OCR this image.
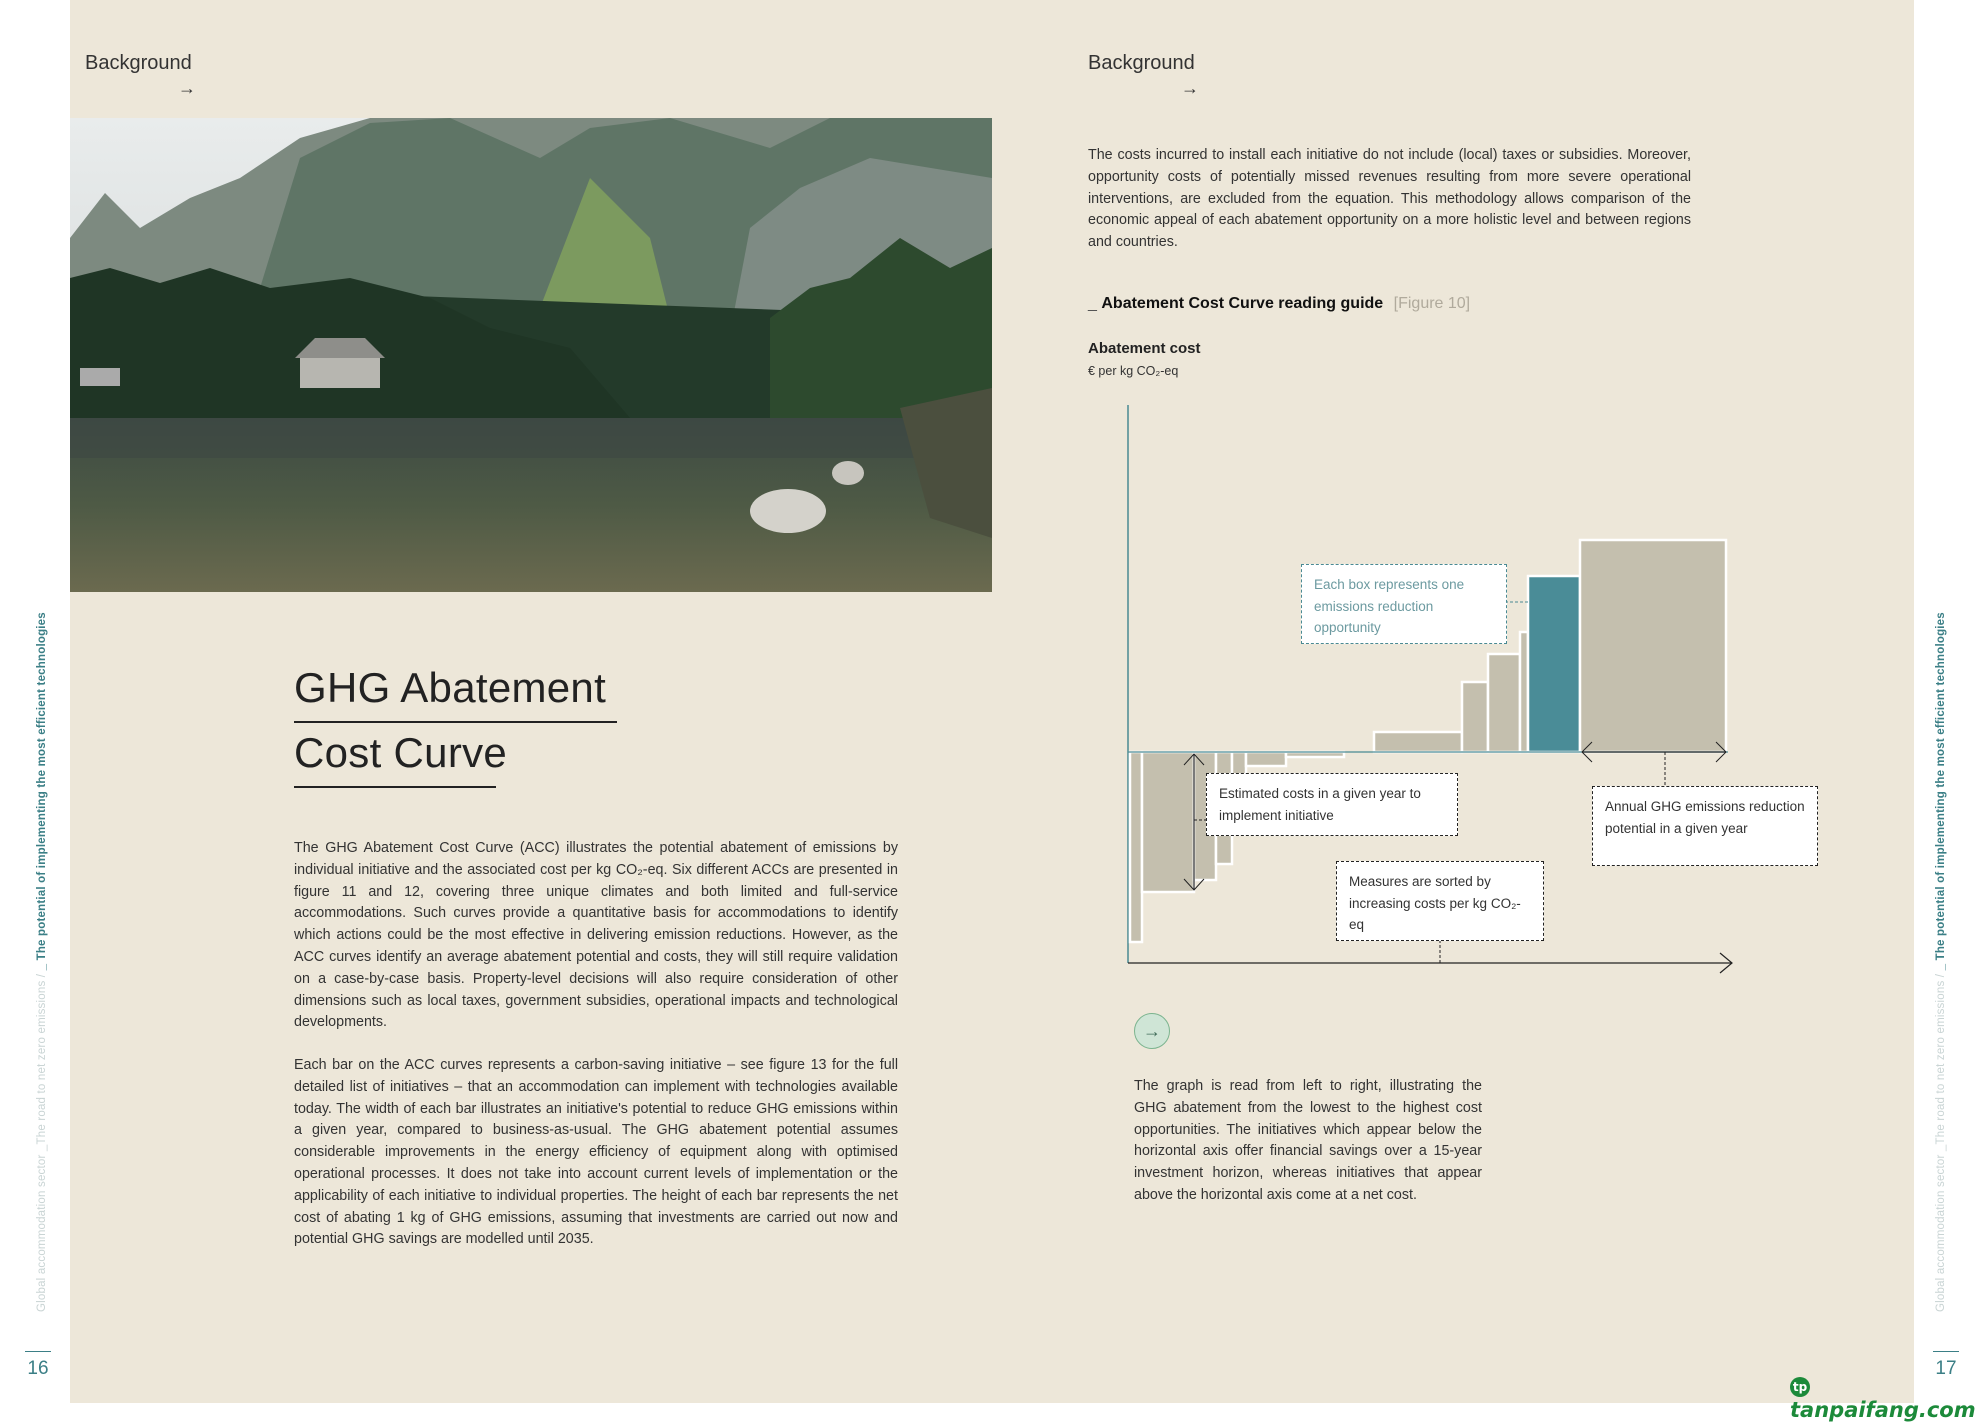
Global accommodation sector _The road to net zero emissions / _ The potential of implementing the most efficient technologies
16
Global accommodation sector _The road to net zero emissions / _ The potential of implementing the most efficient technologies
17
Background
→
GHG Abatement
Cost Curve
The GHG Abatement Cost Curve (ACC) illustrates the potential abatement of emissions by individual initiative and the associated cost per kg CO₂-eq. Six different ACCs are presented in figure 11 and 12, covering three unique climates and both limited and full-service accommodations. Such curves provide a quantitative basis for accommodations to identify which actions could be the most effective in delivering emission reductions. However, as the ACC curves identify an average abatement potential and costs, they will still require validation on a case-by-case basis. Property-level decisions will also require consideration of other dimensions such as local taxes, government subsidies, operational impacts and technological developments.
Each bar on the ACC curves represents a carbon-saving initiative – see figure 13 for the full detailed list of initiatives – that an accommodation can implement with technologies available today. The width of each bar illustrates an initiative's potential to reduce GHG emissions within a given year, compared to business-as-usual. The GHG abatement potential assumes considerable improvements in the energy efficiency of equipment along with optimised operational processes. It does not take into account current levels of implementation or the applicability of each initiative to individual properties. The height of each bar represents the net cost of abating 1 kg of GHG emissions, assuming that investments are carried out now and potential GHG savings are modelled until 2035.
Background
→
The costs incurred to install each initiative do not include (local) taxes or subsidies. Moreover, opportunity costs of potentially missed revenues resulting from more severe operational interventions, are excluded from the equation. This methodology allows comparison of the economic appeal of each abatement opportunity on a more holistic level and between regions and countries.
_ Abatement Cost Curve reading guide [Figure 10]
Abatement cost
€ per kg CO₂-eq
Each box represents one emissions reduction opportunity
Estimated costs in a given year to implement initiative
Measures are sorted by increasing costs per kg CO₂-eq
Annual GHG emissions reduction potential in a given year
→
The graph is read from left to right, illustrating the GHG abatement from the lowest to the highest cost opportunities. The initiatives which appear below the horizontal axis offer financial savings over a 15-year investment horizon, whereas initiatives that appear above the horizontal axis come at a net cost.
tptanpaifang.com
